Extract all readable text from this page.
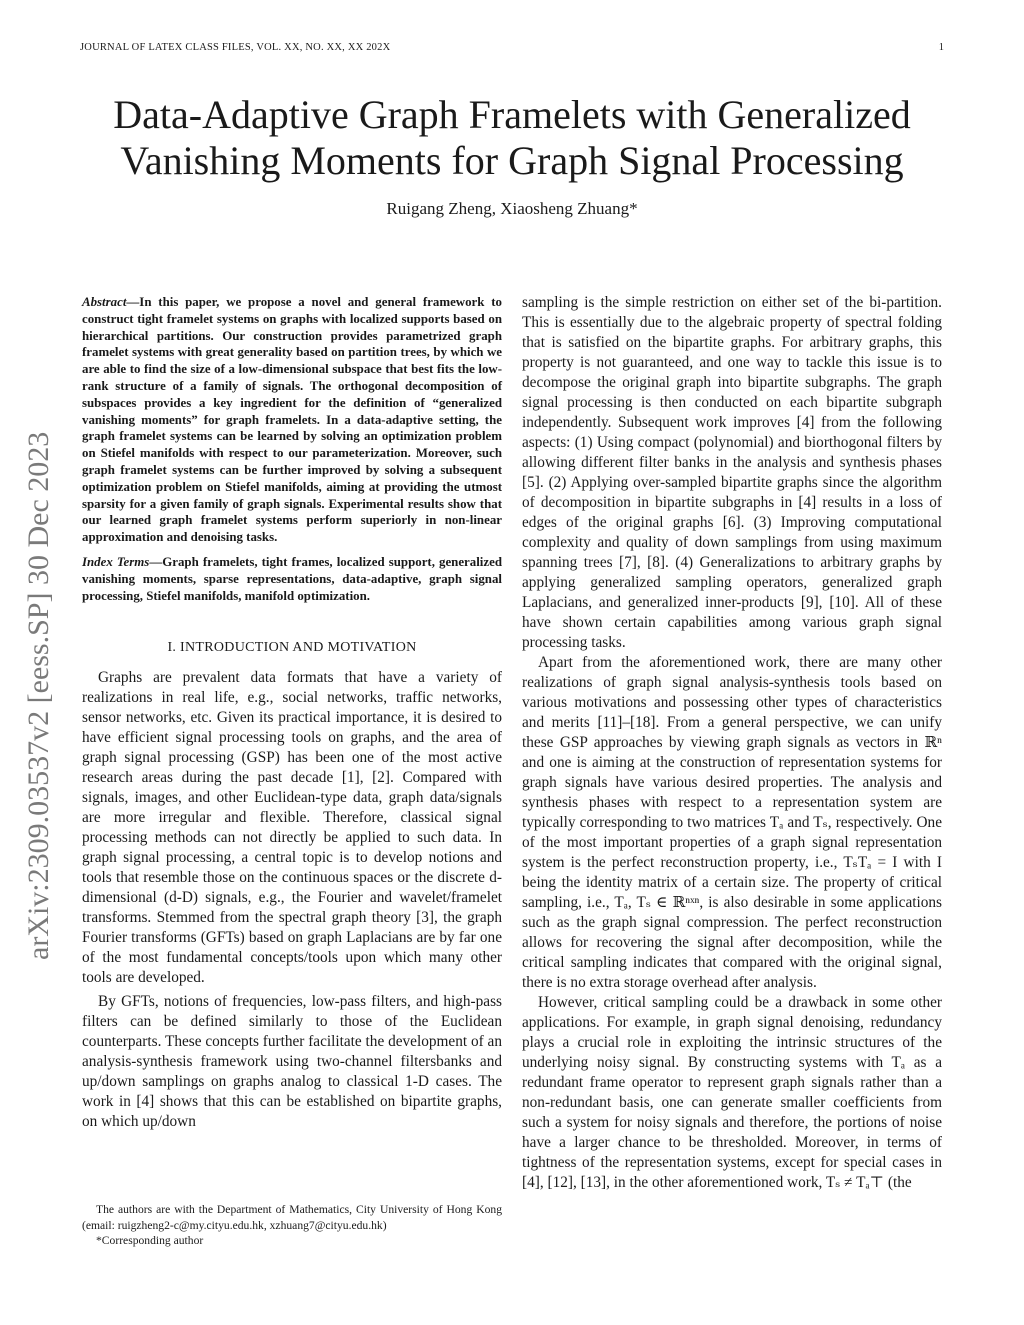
JOURNAL OF LATEX CLASS FILES, VOL. XX, NO. XX, XX 202X	1
Data-Adaptive Graph Framelets with Generalized
Vanishing Moments for Graph Signal Processing
Ruigang Zheng, Xiaosheng Zhuang*
arXiv:2309.03537v2 [eess.SP] 30 Dec 2023

Abstract—In this paper, we propose a novel and general framework to construct tight framelet systems on graphs with localized supports based on hierarchical partitions. Our construction provides parametrized graph framelet systems with great generality based on partition trees, by which we are able to find the size of a low-dimensional subspace that best fits the low-rank structure of a family of signals. The orthogonal decomposition of subspaces provides a key ingredient for the definition of “generalized vanishing moments” for graph framelets. In a data-adaptive setting, the graph framelet systems can be learned by solving an optimization problem on Stiefel manifolds with respect to our parameterization. Moreover, such graph framelet systems can be further improved by solving a subsequent optimization problem on Stiefel manifolds, aiming at providing the utmost sparsity for a given family of graph signals. Experimental results show that our learned graph framelet systems perform superiorly in non-linear approximation and denoising tasks.

Index Terms—Graph framelets, tight frames, localized support, generalized vanishing moments, sparse representations, data-adaptive, graph signal processing, Stiefel manifolds, manifold optimization.

I. INTRODUCTION AND MOTIVATION

Graphs are prevalent data formats that have a variety of realizations in real life, e.g., social networks, traffic networks, sensor networks, etc. Given its practical importance, it is desired to have efficient signal processing tools on graphs, and the area of graph signal processing (GSP) has been one of the most active research areas during the past decade [1], [2]. Compared with signals, images, and other Euclidean-type data, graph data/signals are more irregular and flexible. Therefore, classical signal processing methods can not directly be applied to such data. In graph signal processing, a central topic is to develop notions and tools that resemble those on the continuous spaces or the discrete d-dimensional (d-D) signals, e.g., the Fourier and wavelet/framelet transforms. Stemmed from the spectral graph theory [3], the graph Fourier transforms (GFTs) based on graph Laplacians are by far one of the most fundamental concepts/tools upon which many other tools are developed.

By GFTs, notions of frequencies, low-pass filters, and high-pass filters can be defined similarly to those of the Euclidean counterparts. These concepts further facilitate the development of an analysis-synthesis framework using two-channel filtersbanks and up/down samplings on graphs analog to classical 1-D cases. The work in [4] shows that this can be established on bipartite graphs, on which up/down

The authors are with the Department of Mathematics, City University of Hong Kong (email: ruigzheng2-c@my.cityu.edu.hk, xzhuang7@cityu.edu.hk)

*Corresponding author

sampling is the simple restriction on either set of the bi-partition. This is essentially due to the algebraic property of spectral folding that is satisfied on the bipartite graphs. For arbitrary graphs, this property is not guaranteed, and one way to tackle this issue is to decompose the original graph into bipartite subgraphs. The graph signal processing is then conducted on each bipartite subgraph independently. Subsequent work improves [4] from the following aspects: (1) Using compact (polynomial) and biorthogonal filters by allowing different filter banks in the analysis and synthesis phases [5]. (2) Applying over-sampled bipartite graphs since the algorithm of decomposition in bipartite subgraphs in [4] results in a loss of edges of the original graphs [6]. (3) Improving computational complexity and quality of down samplings from using maximum spanning trees [7], [8]. (4) Generalizations to arbitrary graphs by applying generalized sampling operators, generalized graph Laplacians, and generalized inner-products [9], [10]. All of these have shown certain capabilities among various graph signal processing tasks.

Apart from the aforementioned work, there are many other realizations of graph signal analysis-synthesis tools based on various motivations and possessing other types of characteristics and merits [11]–[18]. From a general perspective, we can unify these GSP approaches by viewing graph signals as vectors in ℝⁿ and one is aiming at the construction of representation systems for graph signals have various desired properties. The analysis and synthesis phases with respect to a representation system are typically corresponding to two matrices Tₐ and Tₛ, respectively. One of the most important properties of a graph signal representation system is the perfect reconstruction property, i.e., TₛTₐ = I with I being the identity matrix of a certain size. The property of critical sampling, i.e., Tₐ, Tₛ ∈ ℝⁿˣⁿ, is also desirable in some applications such as the graph signal compression. The perfect reconstruction allows for recovering the signal after decomposition, while the critical sampling indicates that compared with the original signal, there is no extra storage overhead after analysis.

However, critical sampling could be a drawback in some other applications. For example, in graph signal denoising, redundancy plays a crucial role in exploiting the intrinsic structures of the underlying noisy signal. By constructing systems with Tₐ as a redundant frame operator to represent graph signals rather than a non-redundant basis, one can generate smaller coefficients from such a system for noisy signals and therefore, the portions of noise have a larger chance to be thresholded. Moreover, in terms of tightness of the representation systems, except for special cases in [4], [12], [13], in the other aforementioned work, Tₛ ≠ Tₐ⊤ (the
